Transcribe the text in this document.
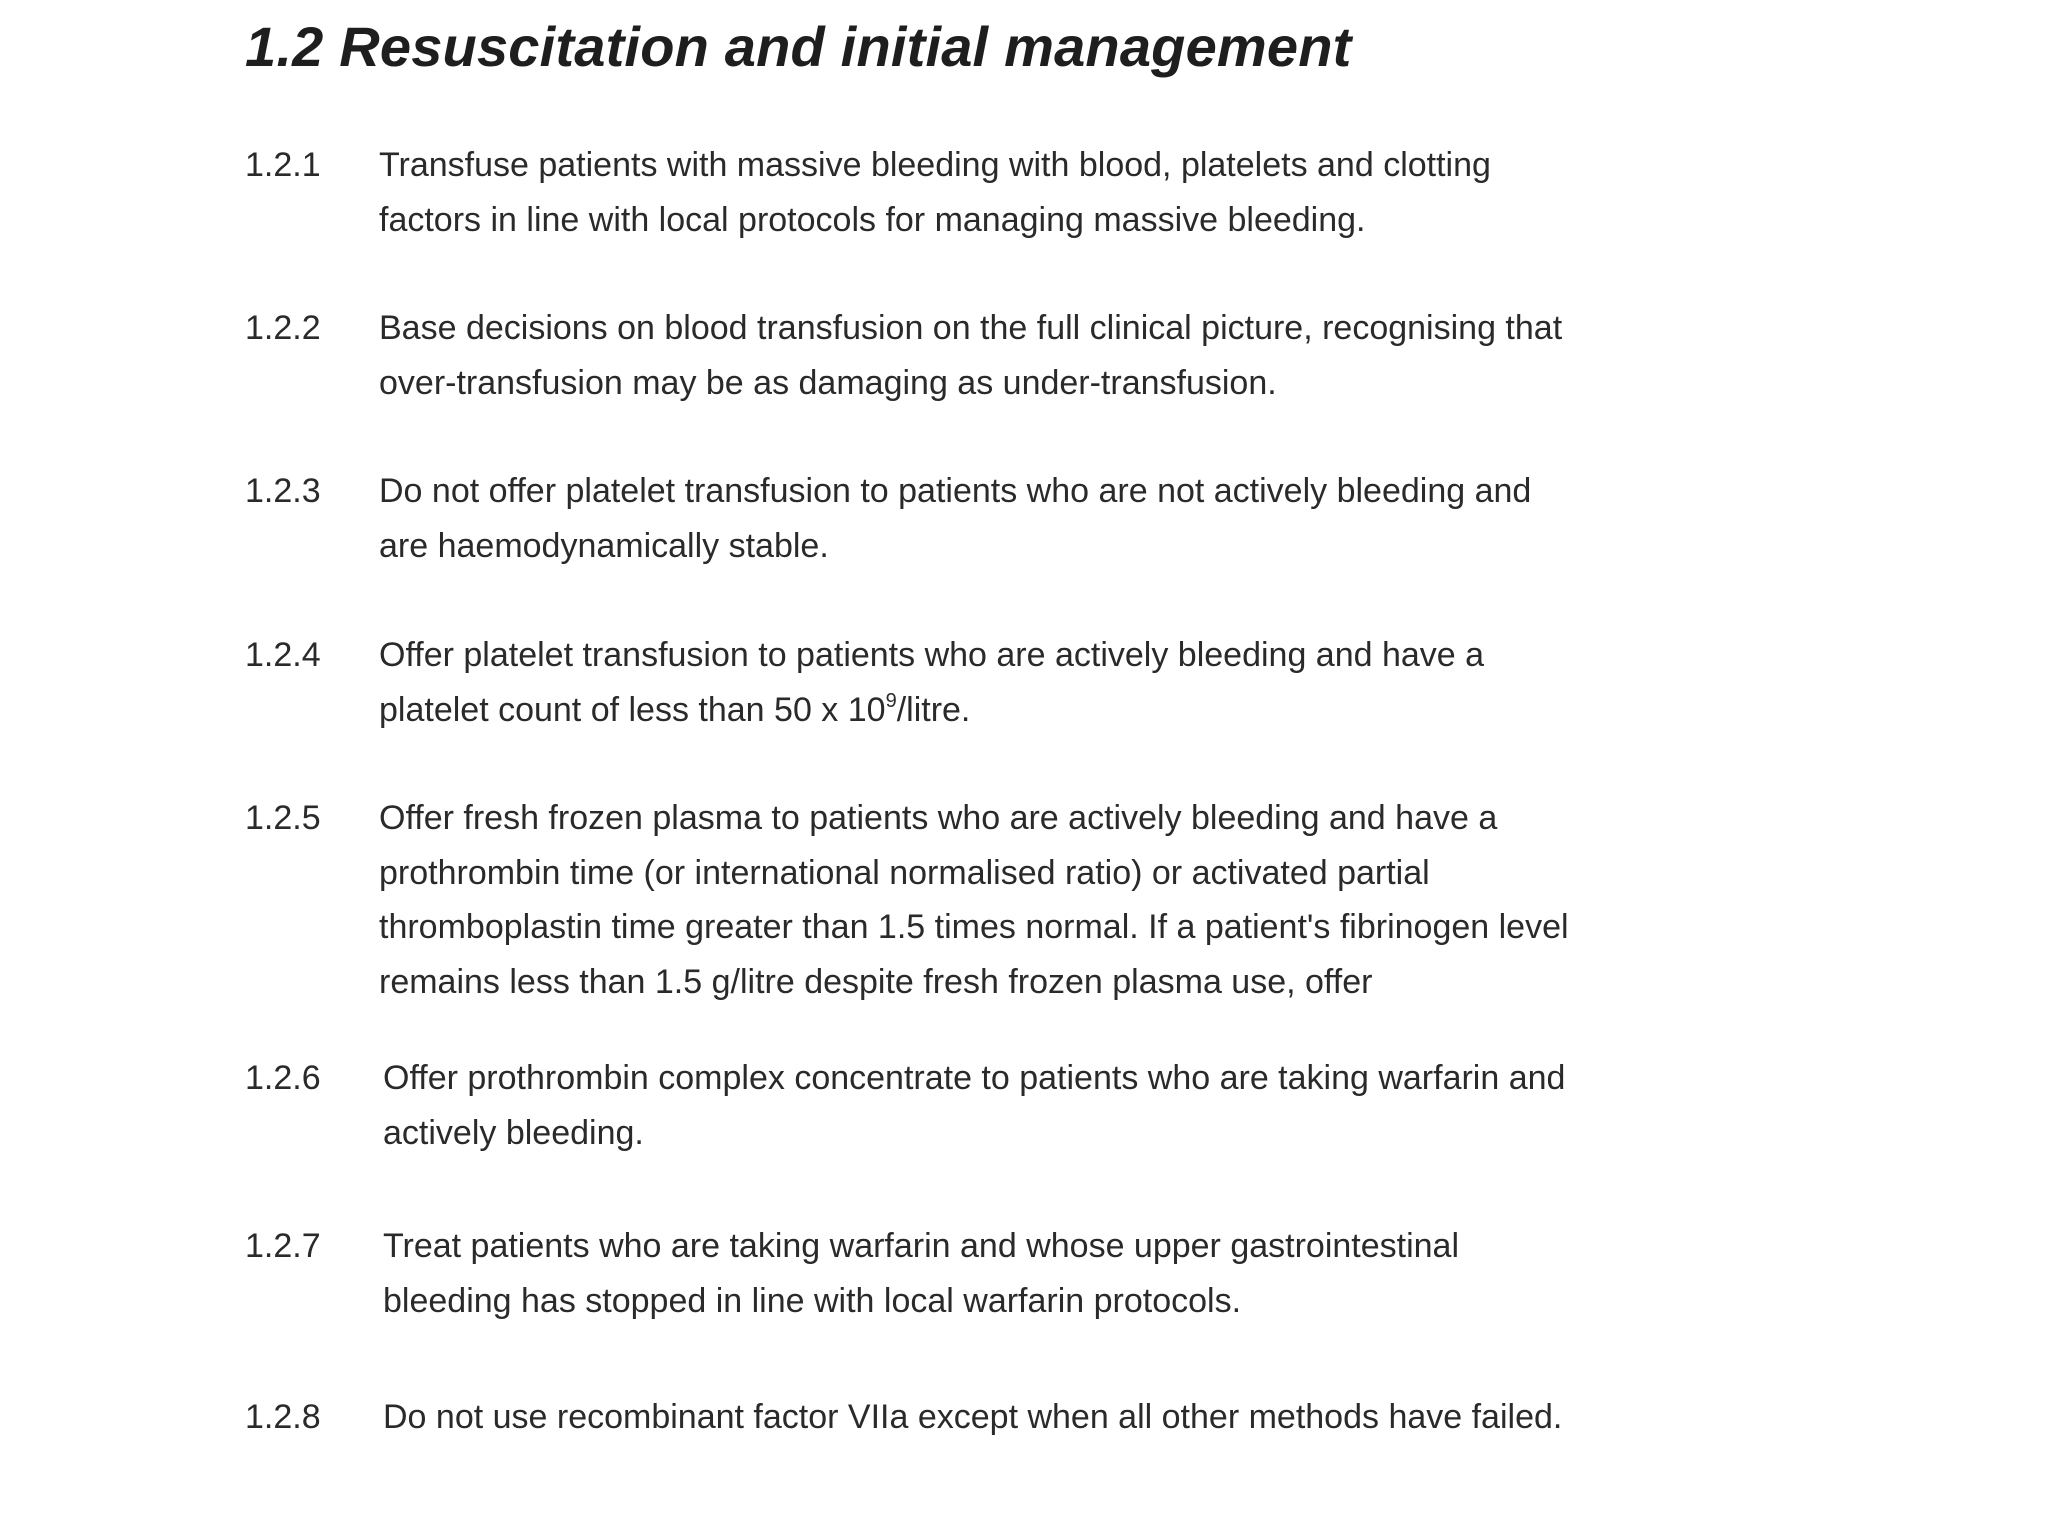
1.2 Resuscitation and initial management
1.2.1 Transfuse patients with massive bleeding with blood, platelets and clotting
factors in line with local protocols for managing massive bleeding.

1.2.2 Base decisions on blood transfusion on the full clinical picture, recognising that
over-transfusion may be as damaging as under-transfusion.

1.2.3 Do not offer platelet transfusion to patients who are not actively bleeding and
are haemodynamically stable.

1.2.4 Offer platelet transfusion to patients who are actively bleeding and have a
platelet count of less than 50 x $10^9$/litre.

1.2.5 Offer fresh frozen plasma to patients who are actively bleeding and have a
prothrombin time (or international normalised ratio) or activated partial
thromboplastin time greater than 1.5 times normal. If a patient's fibrinogen level
remains less than 1.5 g/litre despite fresh frozen plasma use, offer

1.2.6 Offer prothrombin complex concentrate to patients who are taking warfarin and
actively bleeding.

1.2.7 Treat patients who are taking warfarin and whose upper gastrointestinal
bleeding has stopped in line with local warfarin protocols.

1.2.8 Do not use recombinant factor VIIa except when all other methods have failed.
